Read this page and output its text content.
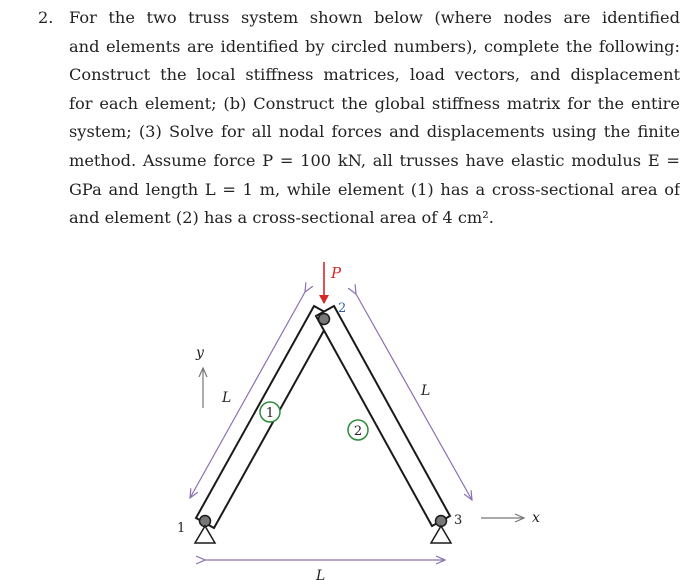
2. For the two truss system shown below (where nodes are identified
and elements are identified by circled numbers), complete the following:
Construct the local stiffness matrices, load vectors, and displacement
for each element; (b) Construct the global stiffness matrix for the entire
system; (3) Solve for all nodal forces and displacements using the finite
method. Assume force P = 100 kN, all trusses have elastic modulus E =
GPa and length L = 1 m, while element (1) has a cross-sectional area of
and element (2) has a cross-sectional area of 4 cm².
P
1
2
3
1
2
L	L
L
y
x
